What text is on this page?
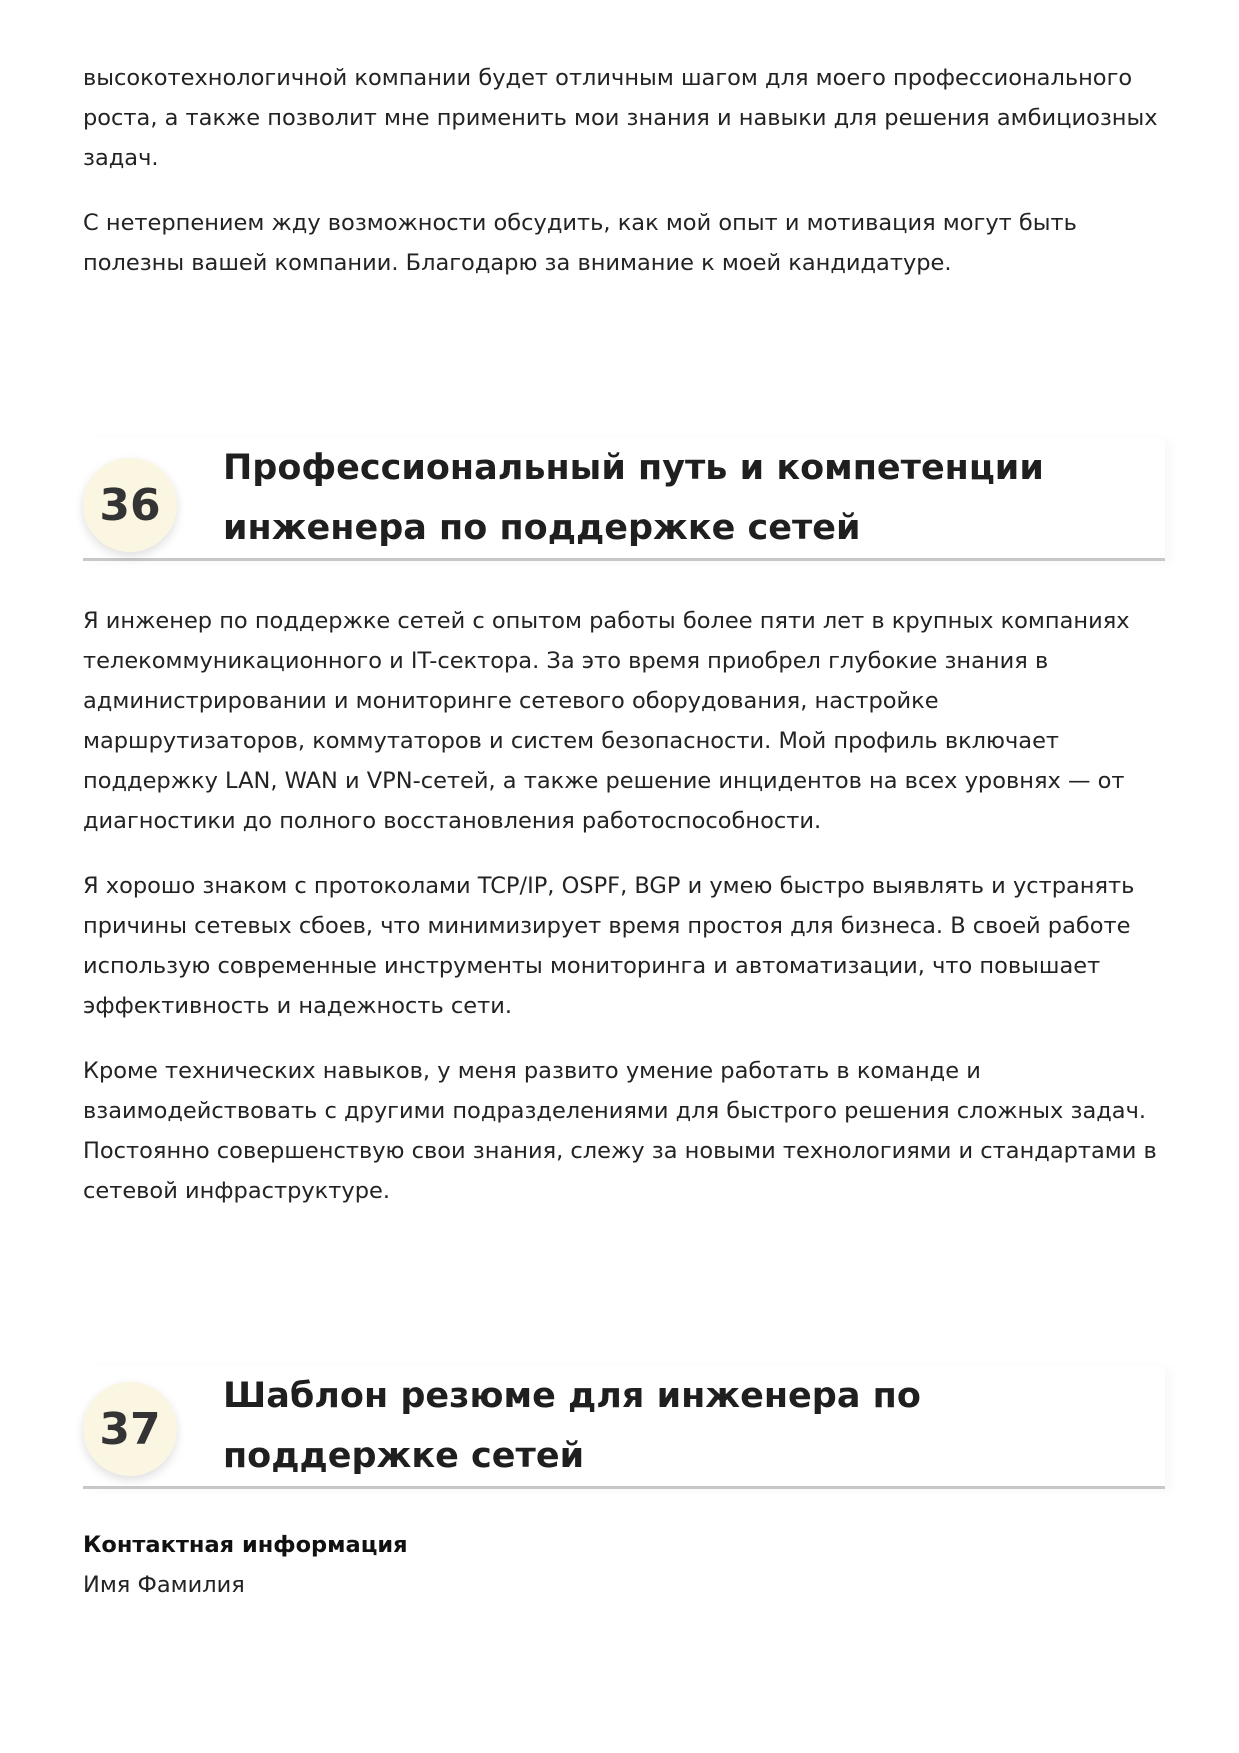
высокотехнологичной компании будет отличным шагом для моего профессионального роста, а также позволит мне применить мои знания и навыки для решения амбициозных задач.

С нетерпением жду возможности обсудить, как мой опыт и мотивация могут быть полезны вашей компании. Благодарю за внимание к моей кандидатуре.

36
Профессиональный путь и компетенции инженера по поддержке сетей

Я инженер по поддержке сетей с опытом работы более пяти лет в крупных компаниях телекоммуникационного и IT-сектора. За это время приобрел глубокие знания в администрировании и мониторинге сетевого оборудования, настройке маршрутизаторов, коммутаторов и систем безопасности. Мой профиль включает поддержку LAN, WAN и VPN-сетей, а также решение инцидентов на всех уровнях — от диагностики до полного восстановления работоспособности.

Я хорошо знаком с протоколами TCP/IP, OSPF, BGP и умею быстро выявлять и устранять причины сетевых сбоев, что минимизирует время простоя для бизнеса. В своей работе использую современные инструменты мониторинга и автоматизации, что повышает эффективность и надежность сети.

Кроме технических навыков, у меня развито умение работать в команде и взаимодействовать с другими подразделениями для быстрого решения сложных задач. Постоянно совершенствую свои знания, слежу за новыми технологиями и стандартами в сетевой инфраструктуре.

37
Шаблон резюме для инженера по поддержке сетей
Контактная информация

Имя Фамилия
